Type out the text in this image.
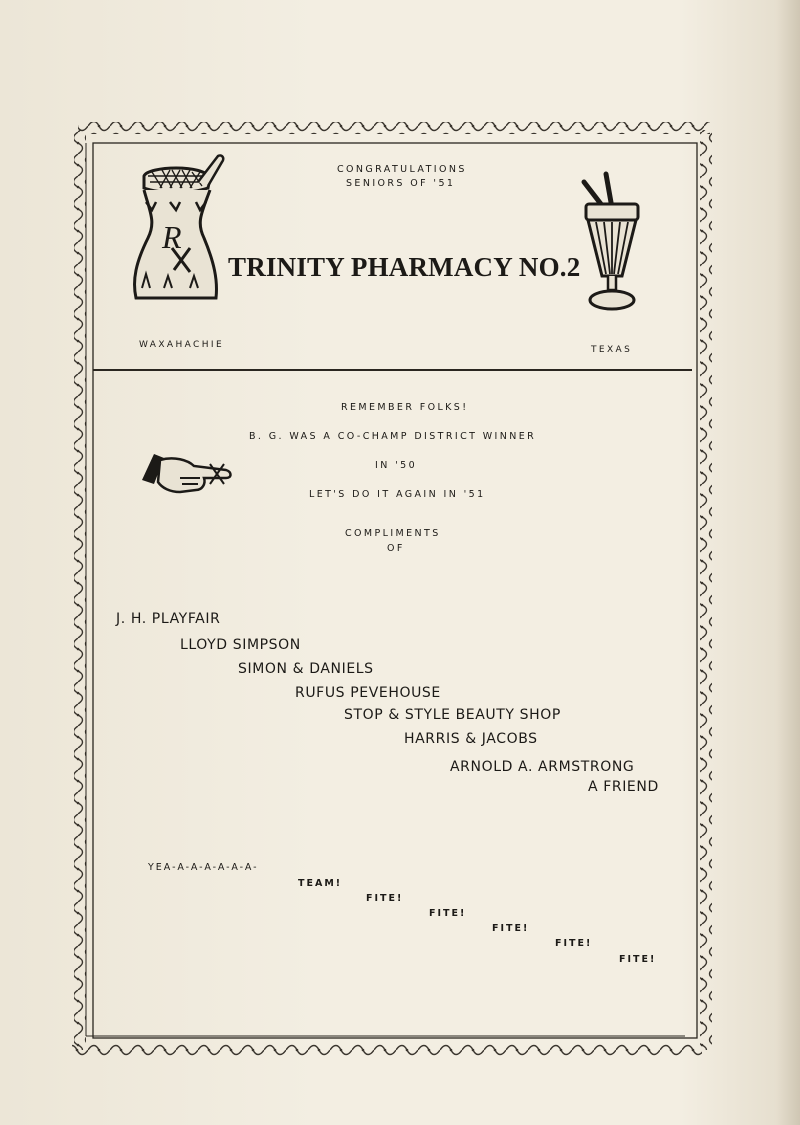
R
CONGRATULATIONS
SENIORS OF '51
TRINITY PHARMACY NO.2
WAXAHACHIE	TEXAS
REMEMBER FOLKS!
B. G. WAS A CO-CHAMP DISTRICT WINNER
IN '50
LET'S DO IT AGAIN IN '51
COMPLIMENTS
OF
J. H. PLAYFAIR
LLOYD SIMPSON
SIMON & DANIELS
RUFUS PEVEHOUSE
STOP & STYLE BEAUTY SHOP
HARRIS & JACOBS
ARNOLD A. ARMSTRONG
A FRIEND
YEA-A-A-A-A-A-A-
TEAM!
FITE!
FITE!
FITE!
FITE!
FITE!
